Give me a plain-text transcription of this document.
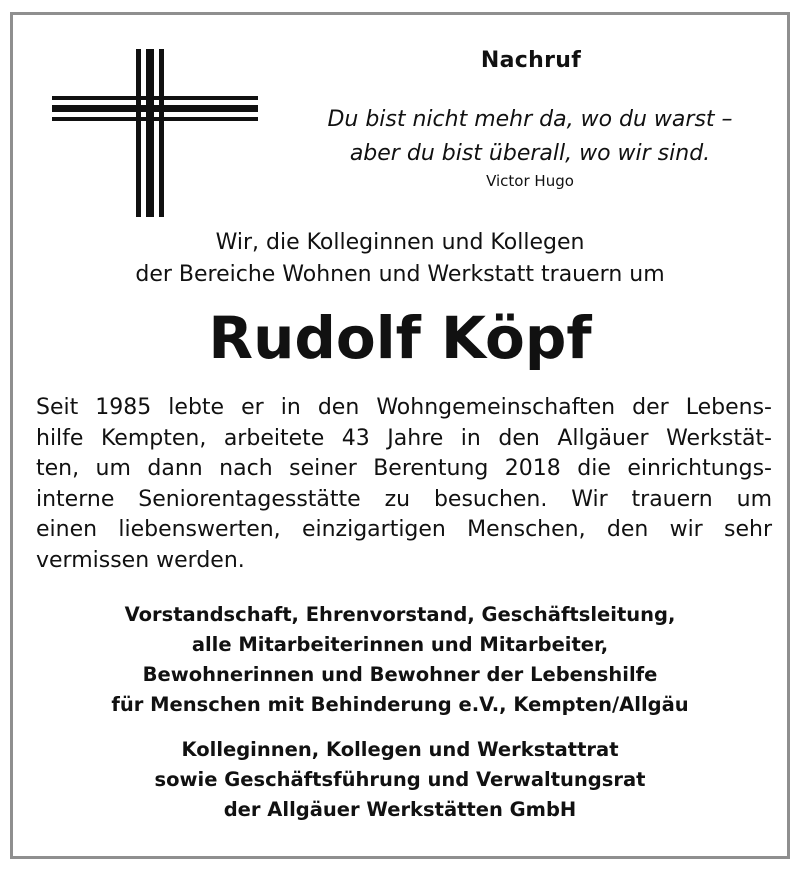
Nachruf
Du bist nicht mehr da, wo du warst –
aber du bist überall, wo wir sind.
Victor Hugo
Wir, die Kolleginnen und Kollegen
der Bereiche Wohnen und Werkstatt trauern um
Rudolf Köpf
Seit 1985 lebte er in den Wohngemeinschaften der Lebens-
hilfe Kempten, arbeitete 43 Jahre in den Allgäuer Werkstät-
ten, um dann nach seiner Berentung 2018 die einrichtungs-
interne Seniorentagesstätte zu besuchen. Wir trauern um
einen liebenswerten, einzigartigen Menschen, den wir sehr
vermissen werden.
Vorstandschaft, Ehrenvorstand, Geschäftsleitung,
alle Mitarbeiterinnen und Mitarbeiter,
Bewohnerinnen und Bewohner der Lebenshilfe
für Menschen mit Behinderung e.V., Kempten/Allgäu
Kolleginnen, Kollegen und Werkstattrat
sowie Geschäftsführung und Verwaltungsrat
der Allgäuer Werkstätten GmbH
